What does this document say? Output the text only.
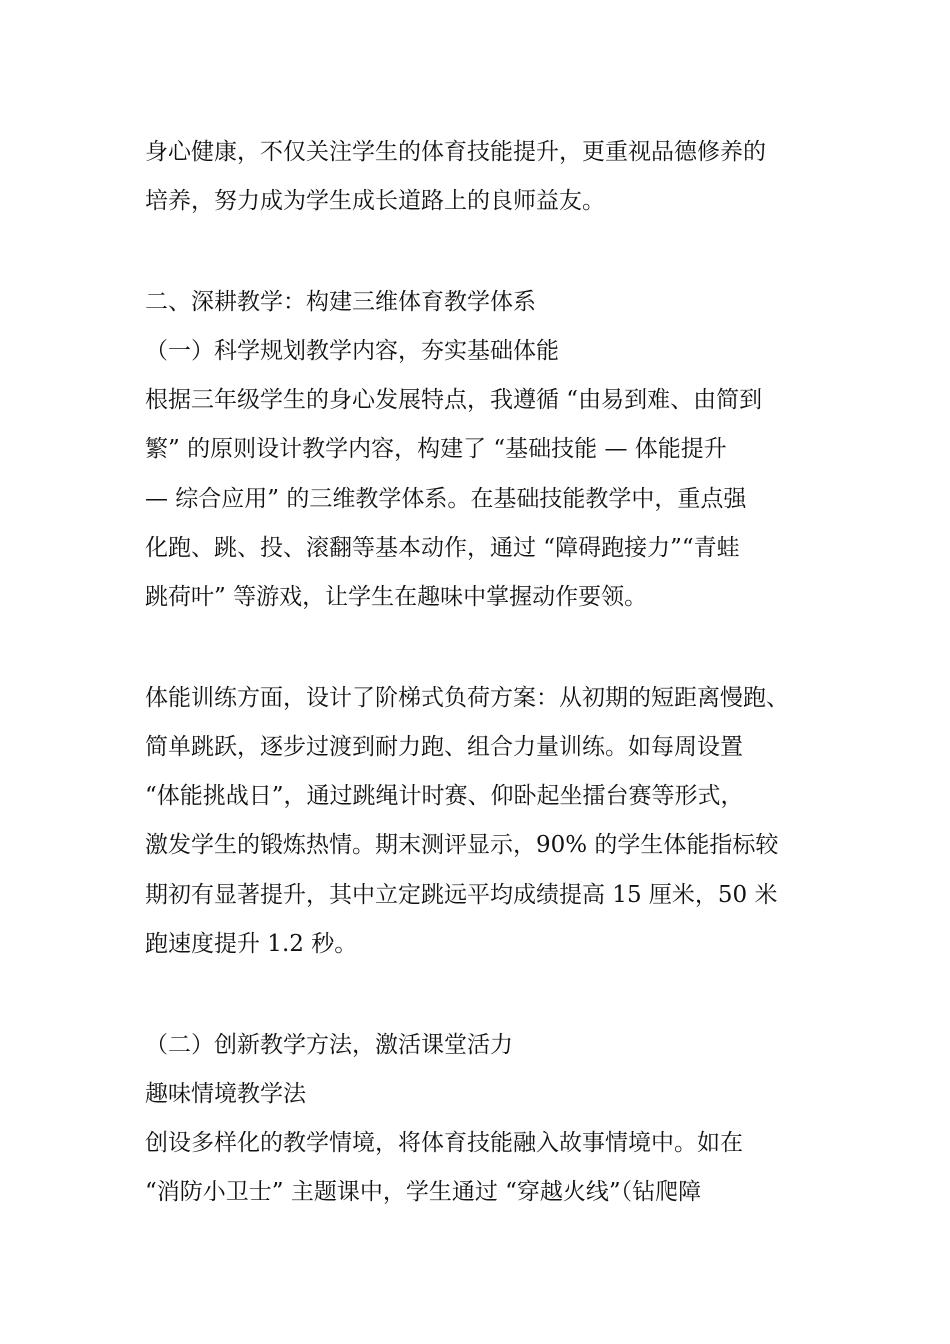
身心健康，不仅关注学生的体育技能提升，更重视品德修养的
培养，努力成为学生成长道路上的良师益友。
二、深耕教学：构建三维体育教学体系
（一）科学规划教学内容，夯实基础体能
根据三年级学生的身心发展特点，我遵循 “由易到难、由简到
繁” 的原则设计教学内容，构建了 “基础技能 — 体能提升
— 综合应用” 的三维教学体系。在基础技能教学中，重点强
化跑、跳、投、滚翻等基本动作，通过 “障碍跑接力”“青蛙
跳荷叶” 等游戏，让学生在趣味中掌握动作要领。
体能训练方面，设计了阶梯式负荷方案：从初期的短距离慢跑、
简单跳跃，逐步过渡到耐力跑、组合力量训练。如每周设置
“体能挑战日”，通过跳绳计时赛、仰卧起坐擂台赛等形式，
激发学生的锻炼热情。期末测评显示，90% 的学生体能指标较
期初有显著提升，其中立定跳远平均成绩提高 15 厘米，50 米
跑速度提升 1.2 秒。
（二）创新教学方法，激活课堂活力
趣味情境教学法
创设多样化的教学情境，将体育技能融入故事情境中。如在
“消防小卫士” 主题课中，学生通过 “穿越火线”（钻爬障
